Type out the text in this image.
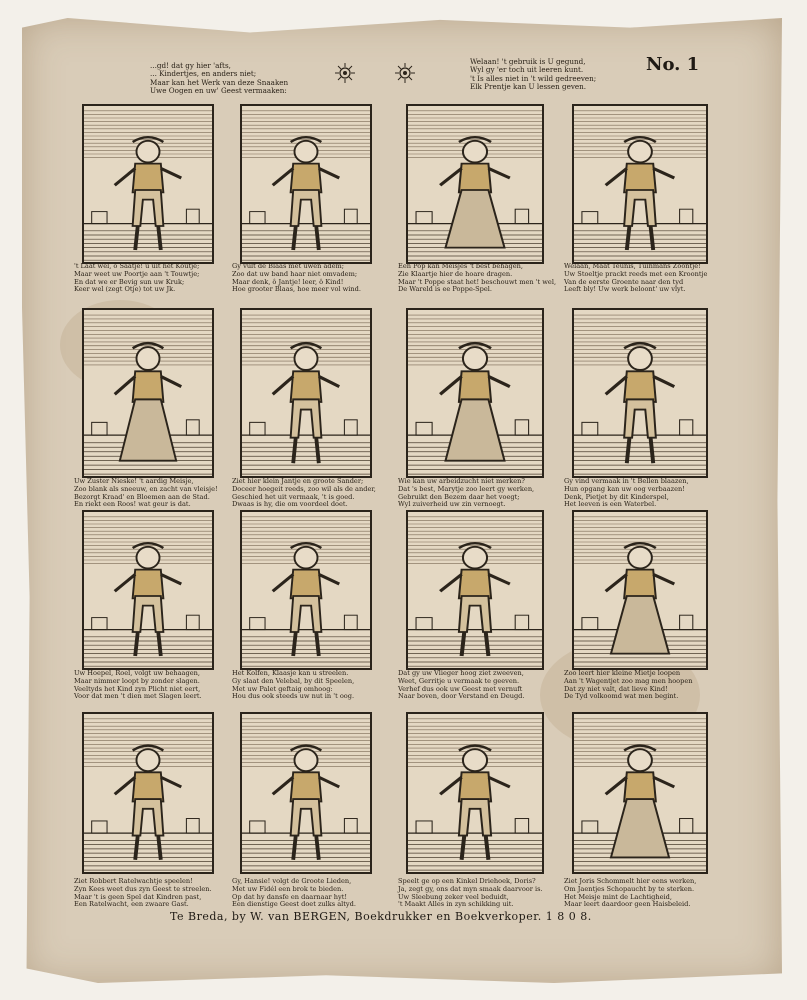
...gd! dat gy hier 'afts,
... Kindertjes, en anders niet;
Maar kan het Werk van deze Snaaken
Uwe Oogen en uw' Geest vermaaken:
Welaan! 't gebruik is U gegund,
Wyl gy 'er toch uit leeren kunt.
't Is alles niet in 't wild gedreeven;
Elk Prentje kan U lessen geven.
No. 1
't Laat wel, ô Saatje! u uit het Koutje;
Maar weet uw Poortje aan 't Touwtje;
En dat we er Bevig sun uw Kruk;
Keer wel (zegt Otje) tot uw Jk.
Gy vult de Blaas met uwen adem;
Zoo dat uw band haar niet omvadem;
Maar denk, ô Jantje! leer, ô Kind!
Hoe grooter Blaas, hoe meer vol wind.
Een Pop kan Meisjes 't best behagen,
Zie Klaartje hier de hoare dragen.
Maar 't Poppe staat het! beschouwt men 't wel,
De Wareld is ee Poppe-Spel.
Welaan, Maat Teunis, Tuinmans Zoontje!
Uw Stoeltje prackt reeds met een Kroontje
Van de eerste Groente naar den tyd
Leeft bly! Uw werk beloont' uw vlyt.
Uw Zuster Nieske! 't aardig Meisje,
Zoo blank als sneeuw, en zacht van vleisje!
Bezorgt Kraad' en Bloemen aan de Stad.
En riekt een Roos! wat geur is dat.
Ziet hier klein Jantje en groote Sander;
Doceer hoegeit reeds, zoo wil als de ander,
Geschied het uit vermaak, 't is goed.
Dwaas is hy, die om voordeel doet.
Wie kan uw arbeidzucht niet merken?
Dat 's best, Marytje zoo leert gy werken,
Gebruikt den Bezem daar het voegt;
Wyl zuiverheid uw zin vernoegt.
Gy vind vermaak in 't Bellen blaazen,
Hun opgang kan uw oog verbaazen!
Denk, Pietjet by dit Kinderspel,
Het leeven is een Waterbel.
Uw Hoepel, Roel, volgt uw behaagen,
Maar nimmer loopt by zonder slagen.
Veeltyds het Kind zyn Plicht niet eert,
Voor dat men 't dien met Slagen leert.
Het Kolfen, Klaasje kan u streelen.
Gy slaat den Velebal, by dit Speelen,
Met uw Palet geftaig omhoog:
Hou dus ook steeds uw nut in 't oog.
Dat gy uw Vlieger hoog ziet zweeven,
Weet, Gerritje u vermaak te geeven.
Verhef dus ook uw Geest met vernuft
Naar boven, door Verstand en Deugd.
Zoo leert hier kleine Mietje loopen
Aan 't Wagentjet zoo mag men hoopen
Dat zy niet valt, dat lieve Kind!
De Tyd volkoomd wat men begint.
Ziet Robbert Ratelwachtje speelen!
Zyn Kees weet dus zyn Geest te streelen.
Maar 't is geen Spel dat Kindren past,
Een Ratelwacht, een zwaare Gast.
Gy, Hansie! volgt de Groote Lieden,
Met uw Fidél een brok te bieden.
Op dat hy dansfe en daarnaar hyt!
Een dienstige Geest doet zulks altyd.
Speelt ge op een Kinkel Driehoek, Doris?
Ja, zegt gy, ons dat myn smaak daarvoor is.
Uw Sleebung zeker veel beduidt,
't Maakt Alles in zyn schikking uit.
Ziet Joris Schommelt hier eens werken,
Om Jaentjes Schopaucht by te sterken.
Het Meisje mint de Lachtigheid,
Maar leert daardoor geen Haisbeleid.
Te Breda, by W. van BERGEN, Boekdrukker en Boekverkoper. 1 8 0 8.
